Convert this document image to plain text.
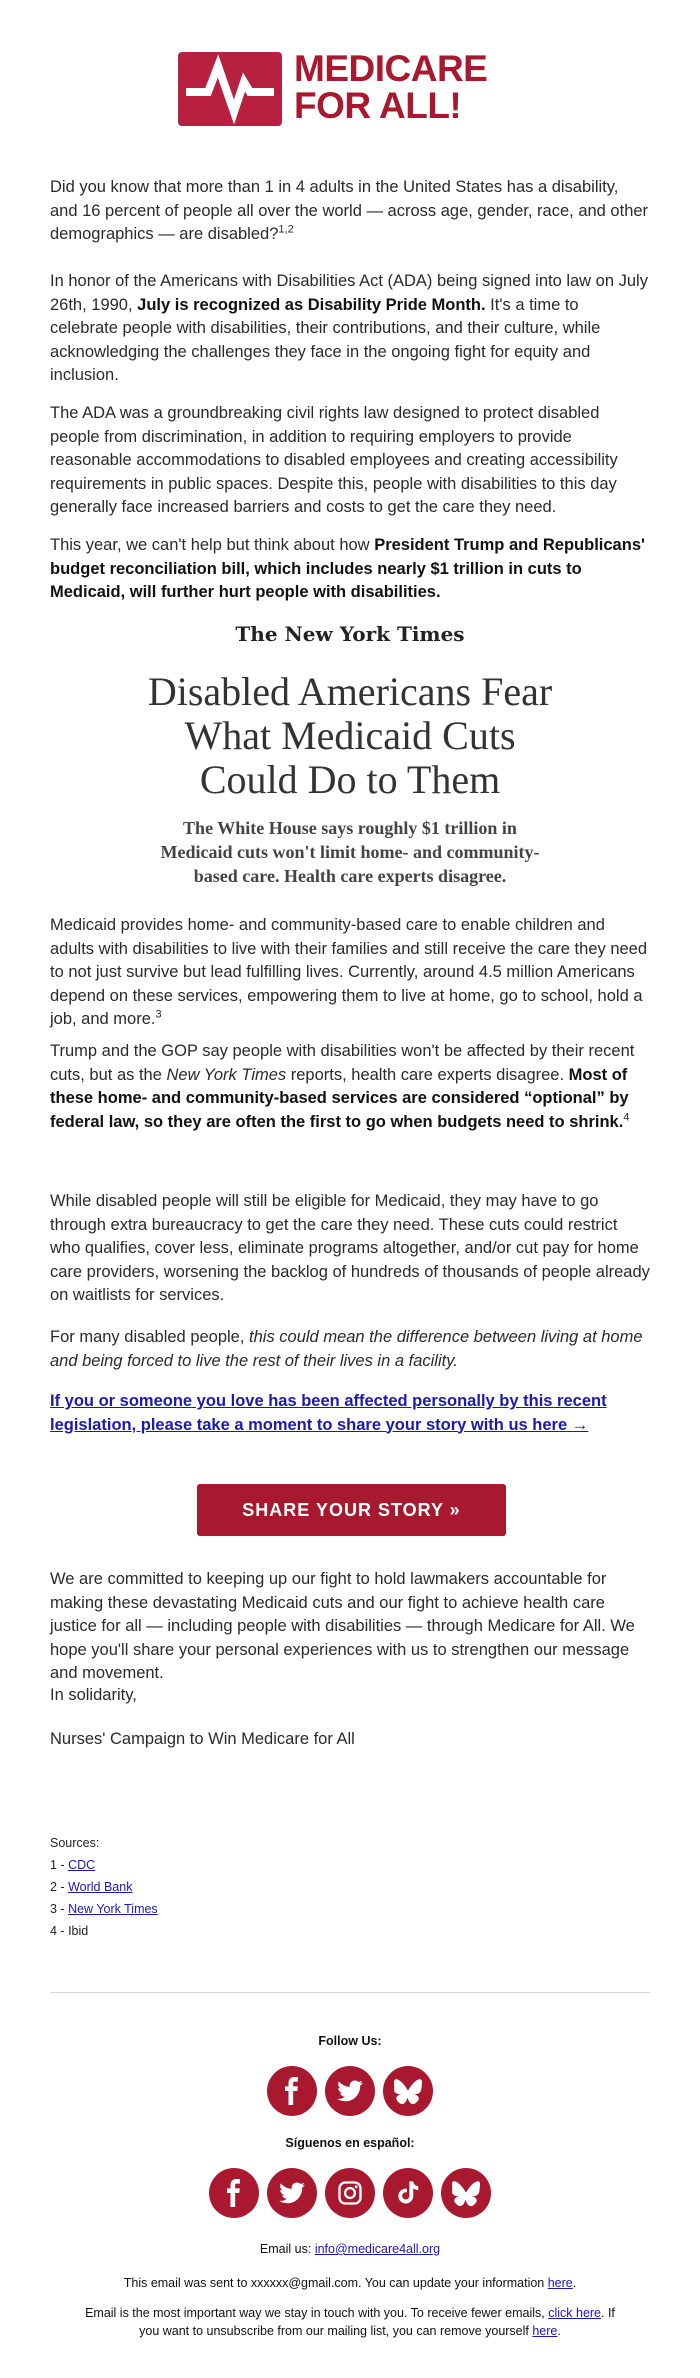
MEDICARE
FOR ALL!

Did you know that more than 1 in 4 adults in the United States has a disability, and 16 percent of people all over the world — across age, gender, race, and other demographics — are disabled?$^{1,2}$

In honor of the Americans with Disabilities Act (ADA) being signed into law on July 26th, 1990, July is recognized as Disability Pride Month. It's a time to celebrate people with disabilities, their contributions, and their culture, while acknowledging the challenges they face in the ongoing fight for equity and inclusion.

The ADA was a groundbreaking civil rights law designed to protect disabled people from discrimination, in addition to requiring employers to provide reasonable accommodations to disabled employees and creating accessibility requirements in public spaces. Despite this, people with disabilities to this day generally face increased barriers and costs to get the care they need.

This year, we can't help but think about how President Trump and Republicans' budget reconciliation bill, which includes nearly $1 trillion in cuts to Medicaid, will further hurt people with disabilities.

The New York Times
Disabled Americans Fear What Medicaid Cuts Could Do to Them
The White House says roughly $1 trillion in Medicaid cuts won't limit home- and community-based care. Health care experts disagree.

Medicaid provides home- and community-based care to enable children and adults with disabilities to live with their families and still receive the care they need to not just survive but lead fulfilling lives. Currently, around 4.5 million Americans depend on these services, empowering them to live at home, go to school, hold a job, and more.$^3$

Trump and the GOP say people with disabilities won't be affected by their recent cuts, but as the New York Times reports, health care experts disagree. Most of these home- and community-based services are considered “optional” by federal law, so they are often the first to go when budgets need to shrink.$^4$

While disabled people will still be eligible for Medicaid, they may have to go through extra bureaucracy to get the care they need. These cuts could restrict who qualifies, cover less, eliminate programs altogether, and/or cut pay for home care providers, worsening the backlog of hundreds of thousands of people already on waitlists for services.

For many disabled people, this could mean the difference between living at home and being forced to live the rest of their lives in a facility.

If you or someone you love has been affected personally by this recent legislation, please take a moment to share your story with us here →

SHARE YOUR STORY »

We are committed to keeping up our fight to hold lawmakers accountable for making these devastating Medicaid cuts and our fight to achieve health care justice for all — including people with disabilities — through Medicare for All. We hope you'll share your personal experiences with us to strengthen our message and movement.

In solidarity,

Nurses' Campaign to Win Medicare for All

Sources:
1 - CDC
2 - World Bank
3 - New York Times
4 - Ibid
Follow Us:
Síguenos en español:
Email us: info@medicare4all.org
This email was sent to xxxxxx@gmail.com. You can update your information here.
Email is the most important way we stay in touch with you. To receive fewer emails, click here. If you want to unsubscribe from our mailing list, you can remove yourself here.
